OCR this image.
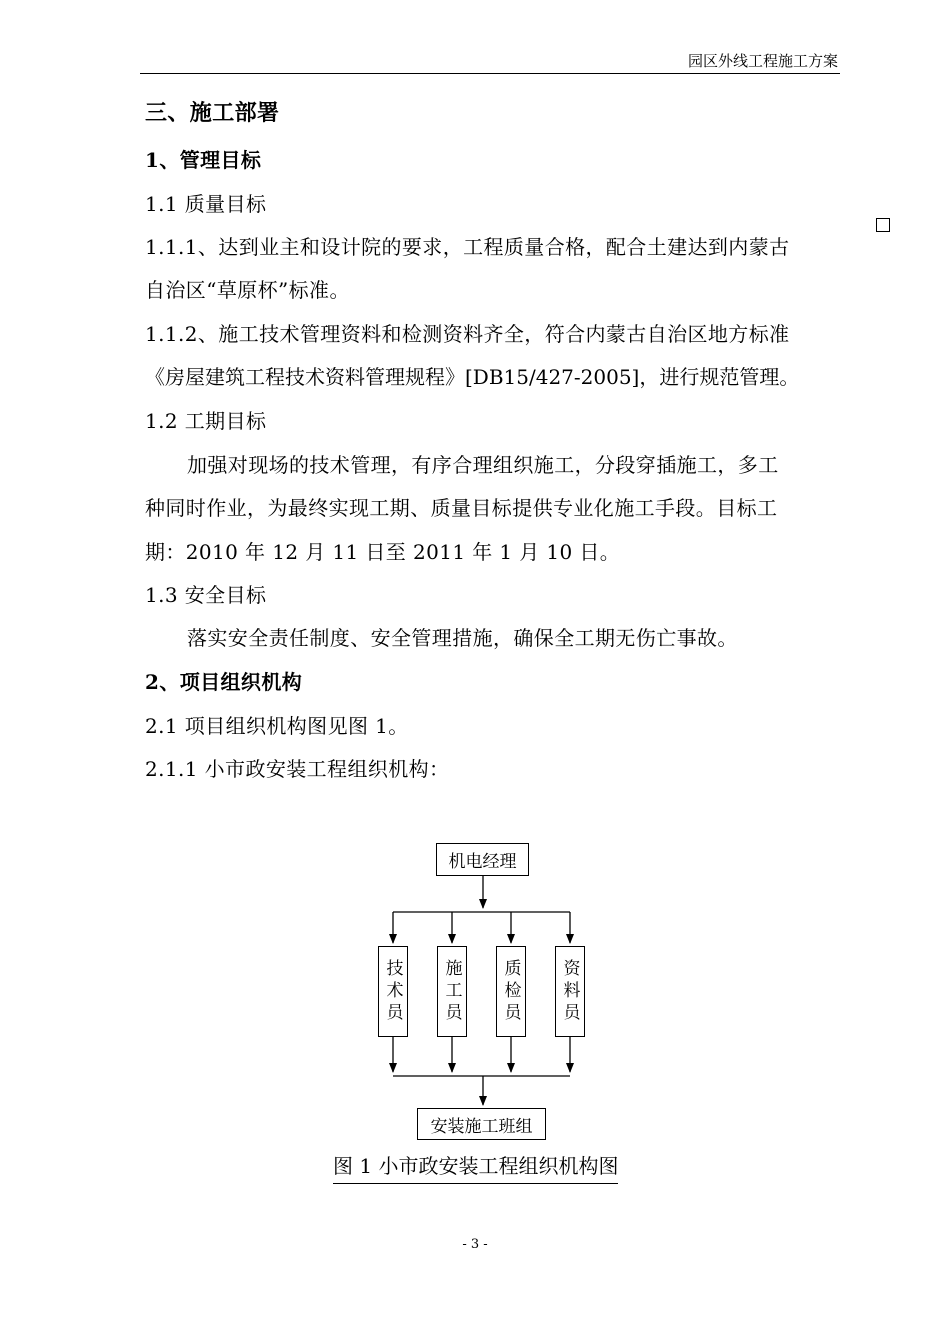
园区外线工程施工方案
三、施工部署
1、管理目标
1.1 质量目标
1.1.1、达到业主和设计院的要求，工程质量合格，配合土建达到内蒙古
自治区“草原杯”标准。
1.1.2、施工技术管理资料和检测资料齐全，符合内蒙古自治区地方标准
《房屋建筑工程技术资料管理规程》[DB15/427-2005]，进行规范管理。
1.2 工期目标
加强对现场的技术管理，有序合理组织施工，分段穿插施工，多工
种同时作业，为最终实现工期、质量目标提供专业化施工手段。目标工
期：2010 年 12 月 11 日至 2011 年 1 月 10 日。
1.3 安全目标
落实安全责任制度、安全管理措施，确保全工期无伤亡事故。
2、项目组织机构
2.1 项目组织机构图见图 1。
2.1.1 小市政安装工程组织机构：
机电经理
技术员 施工员 质检员 资料员
安装施工班组
图 1 小市政安装工程组织机构图
- 3 -
